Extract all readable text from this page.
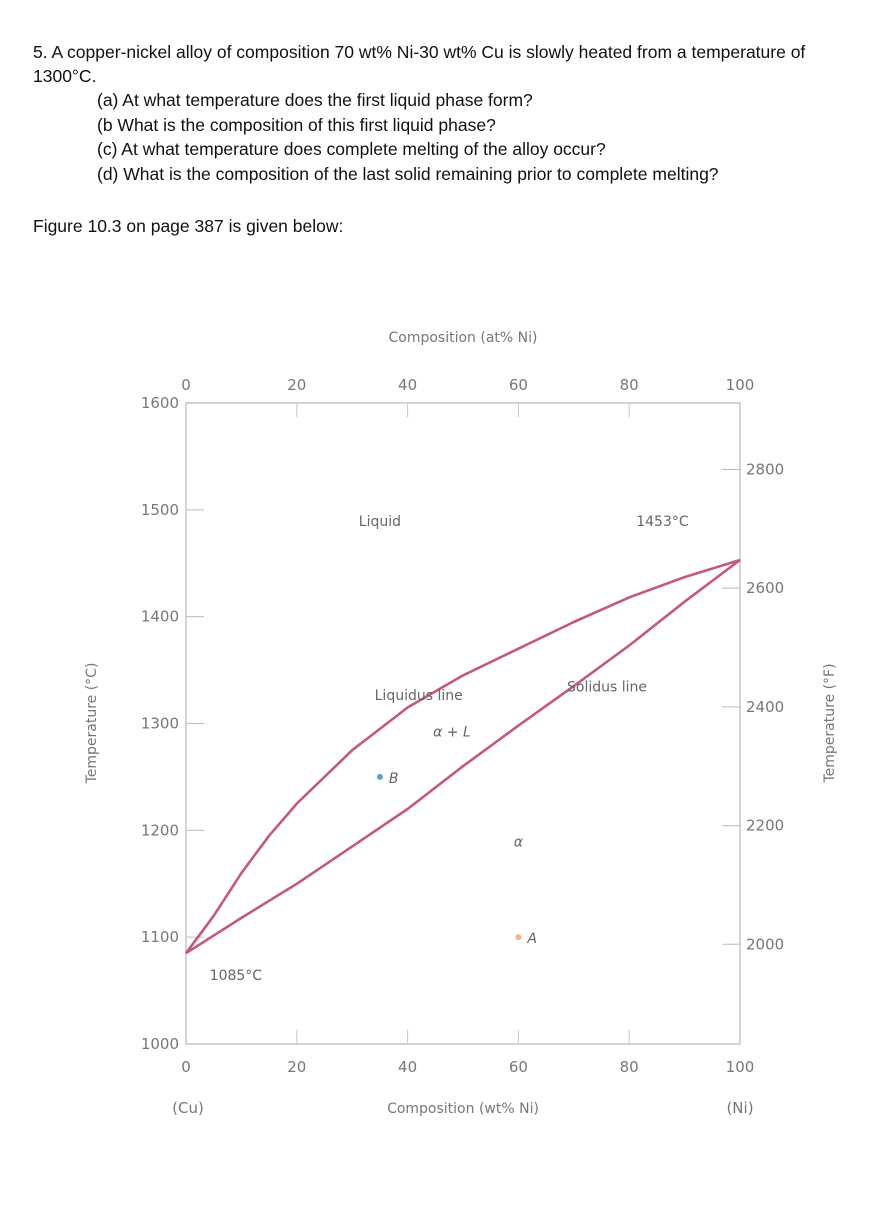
5. A copper-nickel alloy of composition 70 wt% Ni-30 wt% Cu is slowly heated from a temperature of 1300°C.

(a) At what temperature does the first liquid phase form?
(b What is the composition of this first liquid phase?
(c) At what temperature does complete melting of the alloy occur?
(d) What is the composition of the last solid remaining prior to complete melting?
Figure 10.3 on page 387 is given below:
A
B
0	20	40	60	80	100
0	20	40	60	80	100
1000
1100
1200
1300
1400
1500
1600
2000
2200
2400
2600
2800
Liquid	1453°C
Liquidus line
Solidus line
α + L
α
1085°C
Composition (at% Ni)
Composition (wt% Ni)
Temperature (°C)	Temperature (°F)
(Cu)	(Ni)
